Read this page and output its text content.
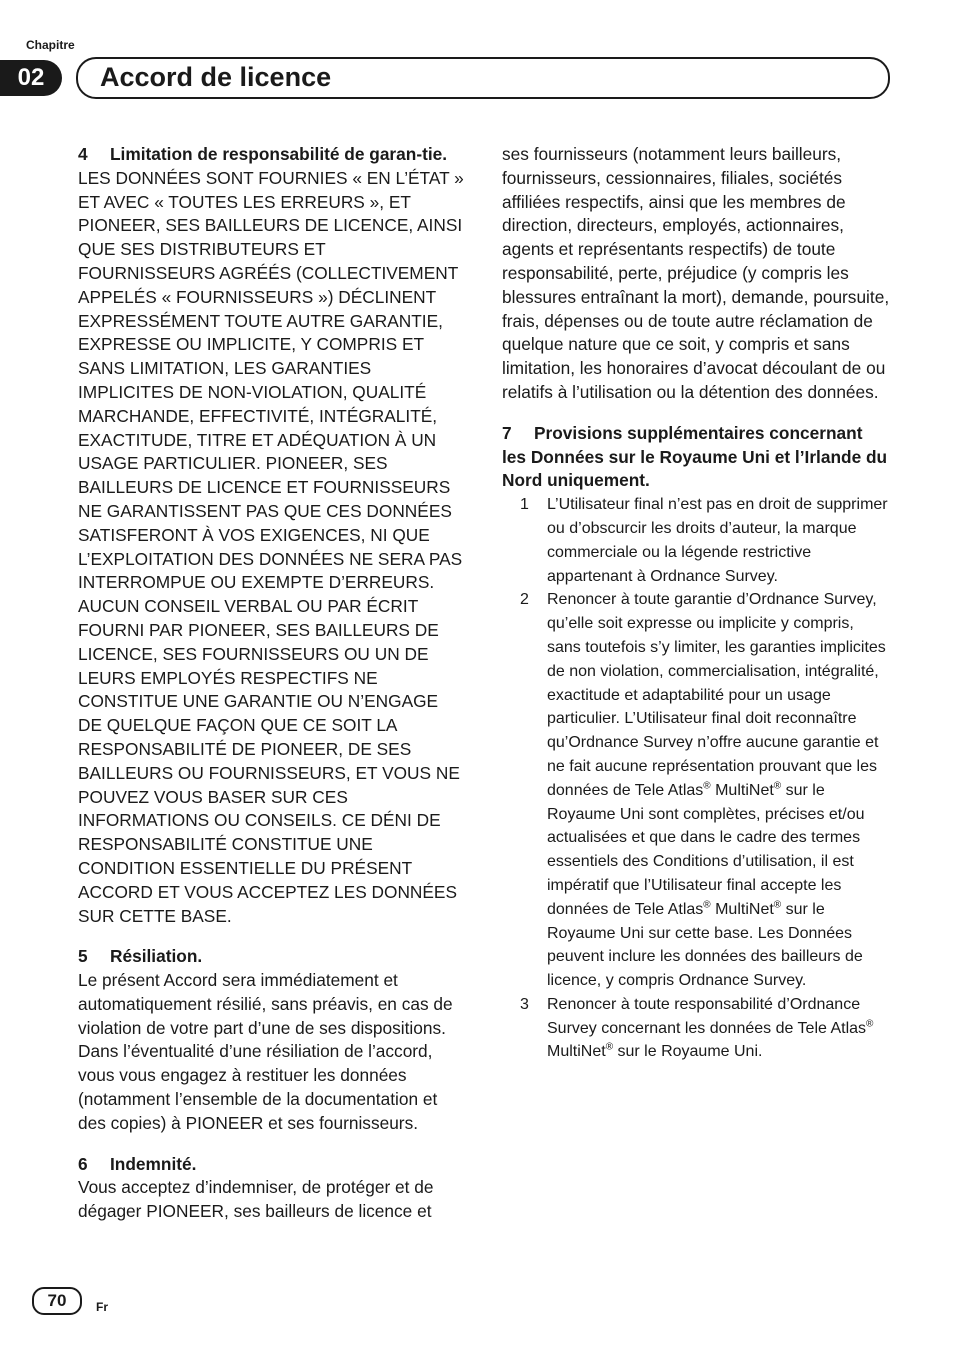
Chapitre
02	Accord de licence

4 Limitation de responsabilité de garan-tie.

LES DONNÉES SONT FOURNIES « EN L’ÉTAT » ET AVEC « TOUTES LES ERREURS », ET PIONEER, SES BAILLEURS DE LICENCE, AINSI QUE SES DISTRIBUTEURS ET FOURNISSEURS AGRÉÉS (COLLECTIVEMENT APPELÉS « FOURNISSEURS ») DÉCLINENT EXPRESSÉMENT TOUTE AUTRE GARANTIE, EXPRESSE OU IMPLICITE, Y COMPRIS ET SANS LIMITATION, LES GARANTIES IMPLICITES DE NON-VIOLATION, QUALITÉ MARCHANDE, EFFECTIVITÉ, INTÉGRALITÉ, EXACTITUDE, TITRE ET ADÉQUATION À UN USAGE PARTICULIER. PIONEER, SES BAILLEURS DE LICENCE ET FOURNISSEURS NE GARANTISSENT PAS QUE CES DONNÉES SATISFERONT À VOS EXIGENCES, NI QUE L’EXPLOITATION DES DONNÉES NE SERA PAS INTERROMPUE OU EXEMPTE D’ERREURS. AUCUN CONSEIL VERBAL OU PAR ÉCRIT FOURNI PAR PIONEER, SES BAILLEURS DE LICENCE, SES FOURNISSEURS OU UN DE LEURS EMPLOYÉS RESPECTIFS NE CONSTITUE UNE GARANTIE OU N’ENGAGE DE QUELQUE FAÇON QUE CE SOIT LA RESPONSABILITÉ DE PIONEER, DE SES BAILLEURS OU FOURNISSEURS, ET VOUS NE POUVEZ VOUS BASER SUR CES INFORMATIONS OU CONSEILS. CE DÉNI DE RESPONSABILITÉ CONSTITUE UNE CONDITION ESSENTIELLE DU PRÉSENT ACCORD ET VOUS ACCEPTEZ LES DONNÉES SUR CETTE BASE.

5 Résiliation.

Le présent Accord sera immédiatement et automatiquement résilié, sans préavis, en cas de violation de votre part d’une de ses dispositions. Dans l’éventualité d’une résiliation de l’accord, vous vous engagez à restituer les données (notamment l’ensemble de la documentation et des copies) à PIONEER et ses fournisseurs.

6 Indemnité.

Vous acceptez d’indemniser, de protéger et de dégager PIONEER, ses bailleurs de licence et

ses fournisseurs (notamment leurs bailleurs, fournisseurs, cessionnaires, filiales, sociétés affiliées respectifs, ainsi que les membres de direction, directeurs, employés, actionnaires, agents et représentants respectifs) de toute responsabilité, perte, préjudice (y compris les blessures entraînant la mort), demande, poursuite, frais, dépenses ou de toute autre réclamation de quelque nature que ce soit, y compris et sans limitation, les honoraires d’avocat découlant de ou relatifs à l’utilisation ou la détention des données.

7 Provisions supplémentaires concernant les Données sur le Royaume Uni et l’Irlande du Nord uniquement.

1 L’Utilisateur final n’est pas en droit de supprimer ou d’obscurcir les droits d’auteur, la marque commerciale ou la légende restrictive appartenant à Ordnance Survey.
2 Renoncer à toute garantie d’Ordnance Survey, qu’elle soit expresse ou implicite y compris, sans toutefois s’y limiter, les garanties implicites de non violation, commercialisation, intégralité, exactitude et adaptabilité pour un usage particulier. L’Utilisateur final doit reconnaître qu’Ordnance Survey n’offre aucune garantie et ne fait aucune représentation prouvant que les données de Tele Atlas® MultiNet® sur le Royaume Uni sont complètes, précises et/ou actualisées et que dans le cadre des termes essentiels des Conditions d’utilisation, il est impératif que l’Utilisateur final accepte les données de Tele Atlas® MultiNet® sur le Royaume Uni sur cette base. Les Données peuvent inclure les données des bailleurs de licence, y compris Ordnance Survey.
3 Renoncer à toute responsabilité d’Ordnance Survey concernant les données de Tele Atlas® MultiNet® sur le Royaume Uni.
70	Fr
